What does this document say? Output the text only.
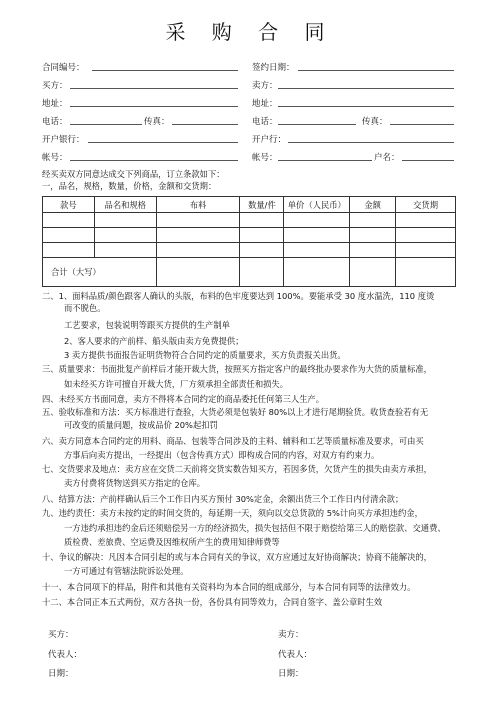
采 购 合 同
合同编号：	签约日期：
买方：	卖方：
地址：	地址：
电话：	传真：	电话：	传真：
开户银行：	开户行：
帐号：	帐号：	户名：
经买卖双方同意达成交下列商品，订立条款如下：
一，品名，规格，数量，价格，金额和交货期：
款号	品名和规格	布料	数量/件	单价（人民币）	金额	交货期

合计（大写）						
二、1、面料品质/颜色跟客人确认的头版，布料的色牢度要达到 100%。要能承受 30 度水温洗，110 度烫
而不脱色。
工艺要求，包装说明等跟买方提供的生产制单
2、客人要求的产前样、船头版由卖方免费提供；
3 卖方提供书面报告证明货物符合合同约定的质量要求，买方负责报关出货。
三、质量要求：书面批复产前样后才能开裁大货，按照买方指定客户的最终批办要求作为大货的质量标准，
如未经买方许可擅自开裁大货，厂方须承担全部责任和损失。
四、未经买方书面同意，卖方不得将本合同约定的商品委托任何第三人生产。
五、验收标准和方法：买方标准进行查验，大货必须是包装好 80%以上才进行尾期验货。收货查验若有无
可改变的质量问题，按成品价 20%起扣罚
六、卖方同意本合同约定的用料、商品、包装等合同涉及的主料、辅料和工艺等质量标准及要求，可由买
方事后向卖方提出，一经提出（包含传真方式）即构成合同的内容，对双方有约束力。
七、交货要求及地点：卖方应在交货二天前将交货实数告知买方，若因多货，欠货产生的损失由卖方承担，
卖方付费将货物送到买方指定的仓库。
八、结算方法：产前样确认后三个工作日内买方预付 30%定金，余额出货三个工作日内付清余款；
九、违约责任：卖方未按约定的时间交货的，每延期一天，须向以交总货款的 5%计向买方承担违约金，
一方违约承担违约金后还须赔偿另一方的经济损失，损失包括但不限于赔偿给第三人的赔偿款、交通费、
质检费、差旅费、空运费及因维权所产生的费用知律师费等
十、争议的解决：凡因本合同引起的或与本合同有关的争议，双方应通过友好协商解决；协商不能解决的，
一方可通过有管辖法院诉讼处理。
十一、本合同项下的样品，附件和其他有关资料均为本合同的组成部分，与本合同有同等的法律效力。
十二、本合同正本五式两份，双方各执一份，各份具有同等效力，合同自签字、盖公章时生效
买方：	卖方：
代表人：	代表人：
日期：	日期：
